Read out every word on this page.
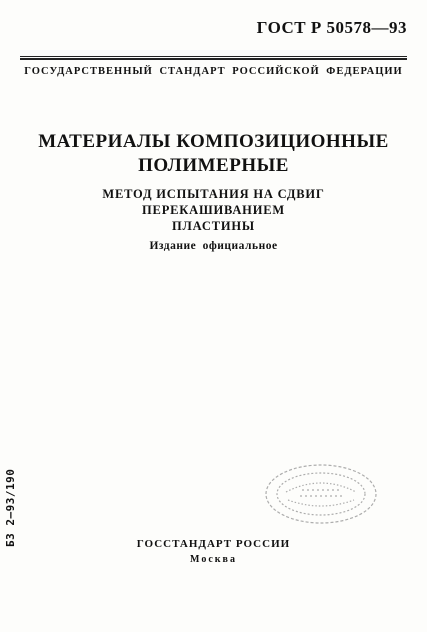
ГОСТ Р 50578—93
ГОСУДАРСТВЕННЫЙ СТАНДАРТ РОССИЙСКОЙ ФЕДЕРАЦИИ
МАТЕРИАЛЫ КОМПОЗИЦИОННЫЕ
ПОЛИМЕРНЫЕ
МЕТОД ИСПЫТАНИЯ НА СДВИГ ПЕРЕКАШИВАНИЕМ
ПЛАСТИНЫ
Издание официальное
БЗ 2—93/190	ГОССТАНДАРТ РОССИИ
Москва
